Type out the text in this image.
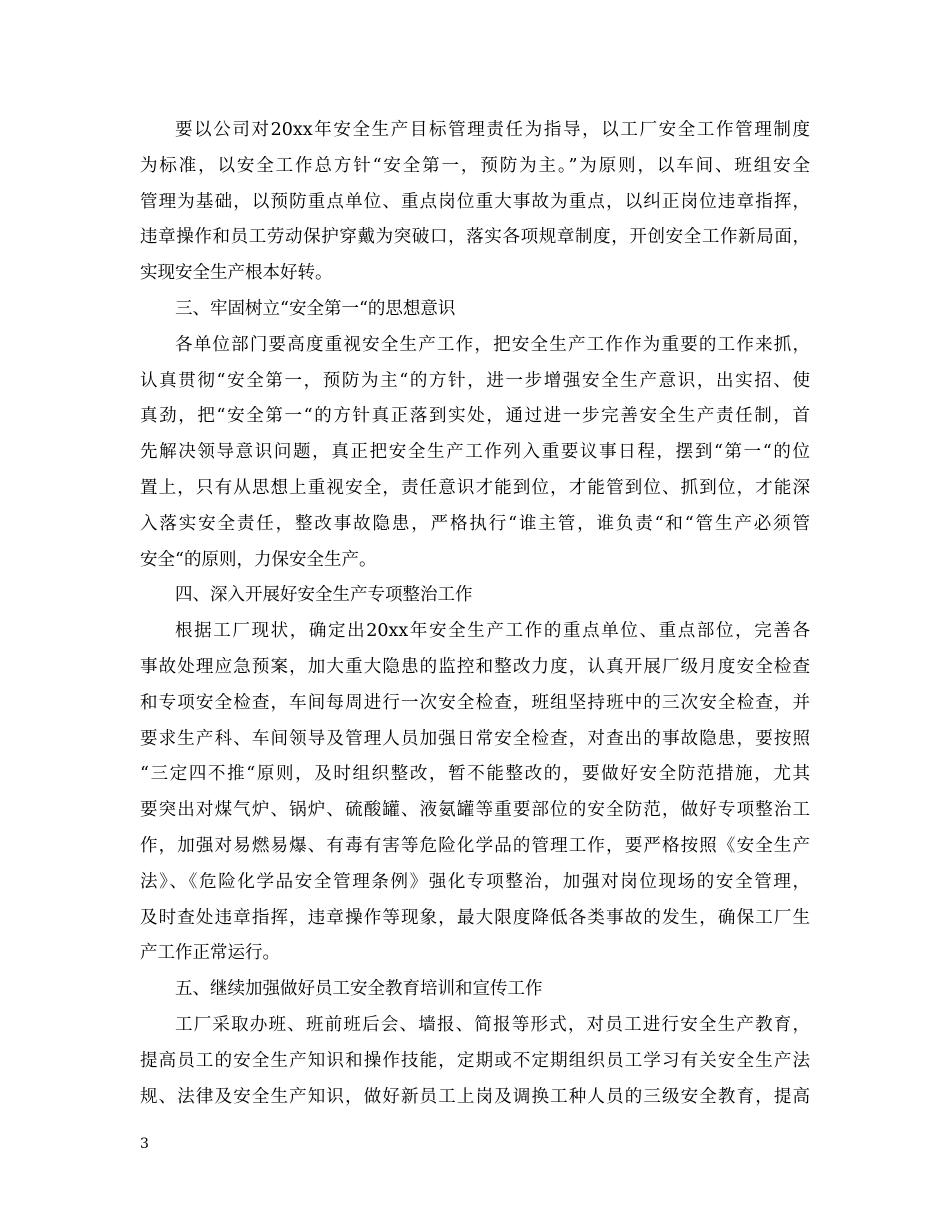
要以公司对20xx年安全生产目标管理责任为指导，以工厂安全工作管理制度
为标准，以安全工作总方针“安全第一，预防为主。”为原则，以车间、班组安全
管理为基础，以预防重点单位、重点岗位重大事故为重点，以纠正岗位违章指挥，
违章操作和员工劳动保护穿戴为突破口，落实各项规章制度，开创安全工作新局面，
实现安全生产根本好转。
三、牢固树立“安全第一“的思想意识
各单位部门要高度重视安全生产工作，把安全生产工作作为重要的工作来抓，
认真贯彻“安全第一，预防为主“的方针，进一步增强安全生产意识，出实招、使
真劲，把“安全第一“的方针真正落到实处，通过进一步完善安全生产责任制，首
先解决领导意识问题，真正把安全生产工作列入重要议事日程，摆到“第一“的位
置上，只有从思想上重视安全，责任意识才能到位，才能管到位、抓到位，才能深
入落实安全责任，整改事故隐患，严格执行“谁主管，谁负责“和“管生产必须管
安全“的原则，力保安全生产。
四、深入开展好安全生产专项整治工作
根据工厂现状，确定出20xx年安全生产工作的重点单位、重点部位，完善各
事故处理应急预案，加大重大隐患的监控和整改力度，认真开展厂级月度安全检查
和专项安全检查，车间每周进行一次安全检查，班组坚持班中的三次安全检查，并
要求生产科、车间领导及管理人员加强日常安全检查，对查出的事故隐患，要按照
“三定四不推“原则，及时组织整改，暂不能整改的，要做好安全防范措施，尤其
要突出对煤气炉、锅炉、硫酸罐、液氨罐等重要部位的安全防范，做好专项整治工
作，加强对易燃易爆、有毒有害等危险化学品的管理工作，要严格按照《安全生产
法》、《危险化学品安全管理条例》强化专项整治，加强对岗位现场的安全管理，
及时查处违章指挥，违章操作等现象，最大限度降低各类事故的发生，确保工厂生
产工作正常运行。
五、继续加强做好员工安全教育培训和宣传工作
工厂采取办班、班前班后会、墙报、简报等形式，对员工进行安全生产教育，
提高员工的安全生产知识和操作技能，定期或不定期组织员工学习有关安全生产法
规、法律及安全生产知识，做好新员工上岗及调换工种人员的三级安全教育，提高
3
